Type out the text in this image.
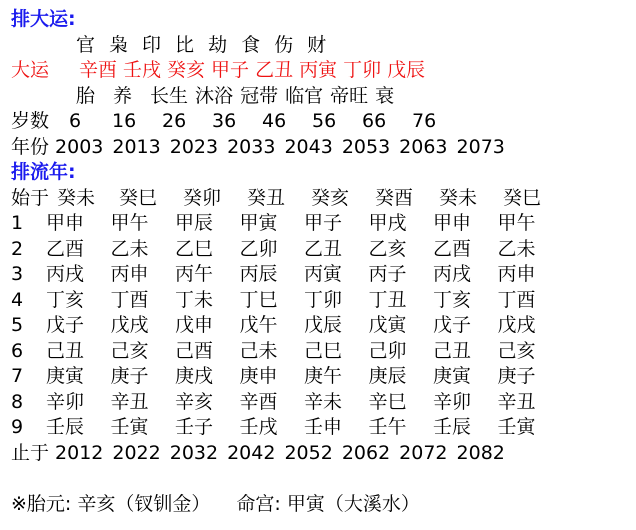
排大运:
官 枭 印 比 劫 食 伤 财
大运 辛酉 壬戌 癸亥 甲子 乙丑 丙寅 丁卯 戊辰
胎 养 长生 沐浴 冠带 临官 帝旺 衰
岁数 6 16 26 36 46 56 66 76
年份 2003 2013 2023 2033 2043 2053 2063 2073
排流年:
始于 癸未 癸巳 癸卯 癸丑 癸亥 癸酉 癸未 癸巳
1 甲申 甲午 甲辰 甲寅 甲子 甲戌 甲申 甲午
2 乙酉 乙未 乙巳 乙卯 乙丑 乙亥 乙酉 乙未
3 丙戌 丙申 丙午 丙辰 丙寅 丙子 丙戌 丙申
4 丁亥 丁酉 丁未 丁巳 丁卯 丁丑 丁亥 丁酉
5 戊子 戊戌 戊申 戊午 戊辰 戊寅 戊子 戊戌
6 己丑 己亥 己酉 己未 己巳 己卯 己丑 己亥
7 庚寅 庚子 庚戌 庚申 庚午 庚辰 庚寅 庚子
8 辛卯 辛丑 辛亥 辛酉 辛未 辛巳 辛卯 辛丑
9 壬辰 壬寅 壬子 壬戌 壬申 壬午 壬辰 壬寅
止于 2012 2022 2032 2042 2052 2062 2072 2082
※胎元: 辛亥（钗钏金） 命宫: 甲寅（大溪水）
